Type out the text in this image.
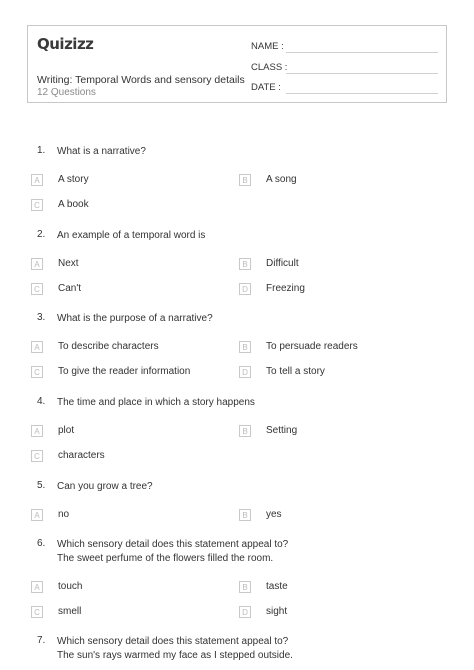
Quizizz
Writing: Temporal Words and sensory details
12 Questions
NAME :
CLASS :
DATE :
1. What is a narrative?
A	A story	B	A song
C	A book
2. An example of a temporal word is
A	Next	B	Difficult
C	Can't	D	Freezing
3. What is the purpose of a narrative?
A	To describe characters	B	To persuade readers
C	To give the reader information	D	To tell a story
4. The time and place in which a story happens
A	plot	B	Setting
C	characters
5. Can you grow a tree?
A	no	B	yes
6. Which sensory detail does this statement appeal to?
The sweet perfume of the flowers filled the room.
A	touch	B	taste
C	smell	D	sight
7. Which sensory detail does this statement appeal to?
The sun's rays warmed my face as I stepped outside.
